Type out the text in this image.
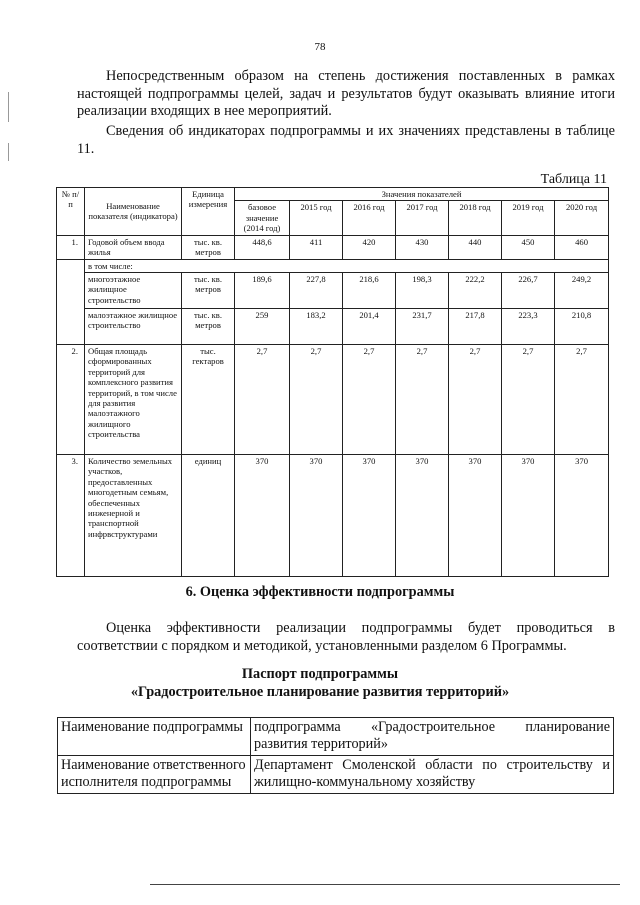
78

Непосредственным образом на степень достижения поставленных в рамках настоящей подпрограммы целей, задач и результатов будут оказывать влияние итоги реализации входящих в нее мероприятий.

Сведения об индикаторах подпрограммы и их значениях представлены в таблице 11.

Таблица 11
№ п/п	Наименование показателя (индикатора)	Единица измерения	Значения показателей						
			базовое значение (2014 год)	2015 год	2016 год	2017 год	2018 год	2019 год	2020 год
1.	Годовой объем ввода жилья	тыс. кв. метров	448,6	411	420	430	440	450	460
	в том числе:								
	многоэтажное жилищное строительство	тыс. кв. метров	189,6	227,8	218,6	198,3	222,2	226,7	249,2
	малоэтажное жилищное строительство	тыс. кв. метров	259	183,2	201,4	231,7	217,8	223,3	210,8
2.	Общая площадь сформированных территорий для комплексного развития территорий, в том числе для развития малоэтажного жилищного строительства	тыс. гектаров	2,7	2,7	2,7	2,7	2,7	2,7	2,7
3.	Количество земельных участков, предоставленных многодетным семьям, обеспеченных инженерной и транспортной инфрвструктурами	единиц	370	370	370	370	370	370	370
6. Оценка эффективности подпрограммы

Оценка эффективности реализации подпрограммы будет проводиться в соответствии с порядком и методикой, установленными разделом 6 Программы.

Паспорт подпрограммы
«Градостроительное планирование развития территорий»
Наименование подпрограммы	подпрограмма «Градостроительное планирование развития территорий»
Наименование ответственного исполнителя подпрограммы	Департамент Смоленской области по строительству и жилищно-коммунальному хозяйству
